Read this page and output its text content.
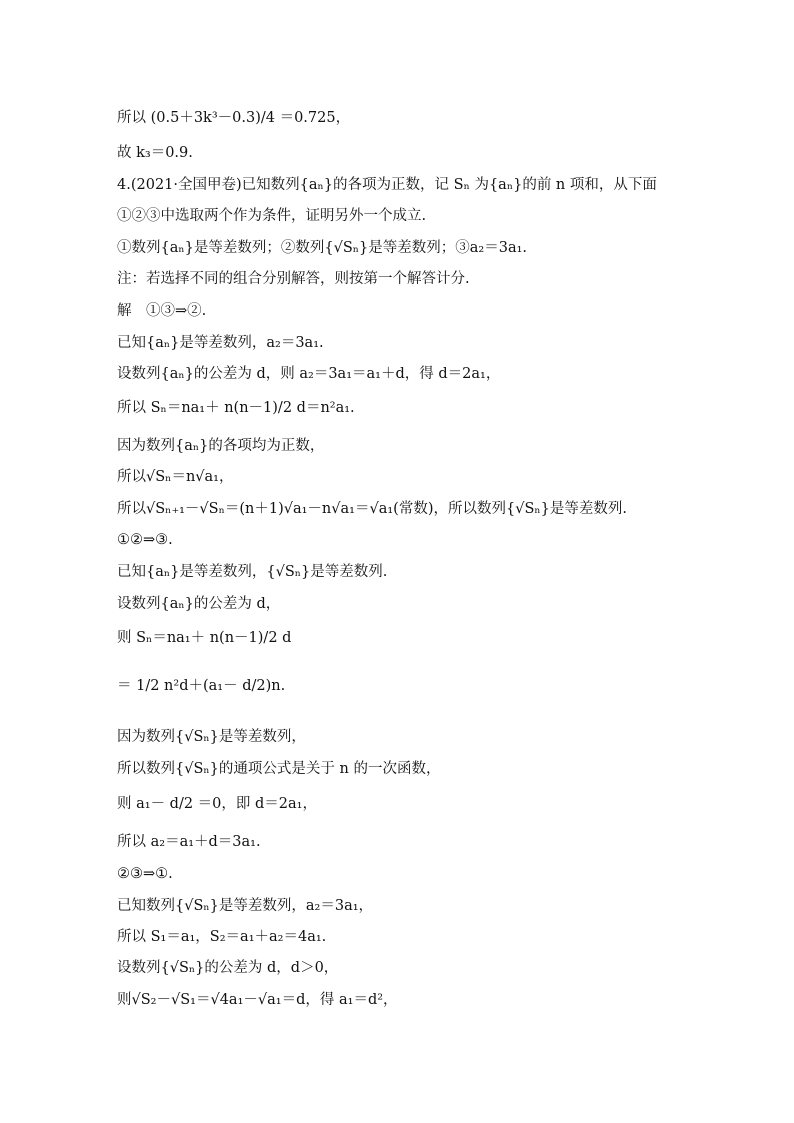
所以 (0.5＋3k³－0.3)/4 ＝0.725，
故 k₃＝0.9.
4.(2021·全国甲卷)已知数列{aₙ}的各项为正数，记 Sₙ 为{aₙ}的前 n 项和，从下面
①②③中选取两个作为条件，证明另外一个成立.
①数列{aₙ}是等差数列；②数列{√Sₙ}是等差数列；③a₂＝3a₁.
注：若选择不同的组合分别解答，则按第一个解答计分.
解　①③⇒②.
已知{aₙ}是等差数列，a₂＝3a₁.
设数列{aₙ}的公差为 d，则 a₂＝3a₁＝a₁＋d，得 d＝2a₁，
所以 Sₙ＝na₁＋ n(n－1)/2 d＝n²a₁.
因为数列{aₙ}的各项均为正数，
所以√Sₙ＝n√a₁，
所以√Sₙ₊₁－√Sₙ＝(n＋1)√a₁－n√a₁＝√a₁(常数)，所以数列{√Sₙ}是等差数列.
①②⇒③.
已知{aₙ}是等差数列，{√Sₙ}是等差数列.
设数列{aₙ}的公差为 d，
则 Sₙ＝na₁＋ n(n－1)/2 d
＝ 1/2 n²d＋(a₁－ d/2)n.
因为数列{√Sₙ}是等差数列，
所以数列{√Sₙ}的通项公式是关于 n 的一次函数，
则 a₁－ d/2 ＝0，即 d＝2a₁，
所以 a₂＝a₁＋d＝3a₁.
②③⇒①.
已知数列{√Sₙ}是等差数列，a₂＝3a₁，
所以 S₁＝a₁，S₂＝a₁＋a₂＝4a₁.
设数列{√Sₙ}的公差为 d，d＞0，
则√S₂－√S₁＝√4a₁－√a₁＝d，得 a₁＝d²，
